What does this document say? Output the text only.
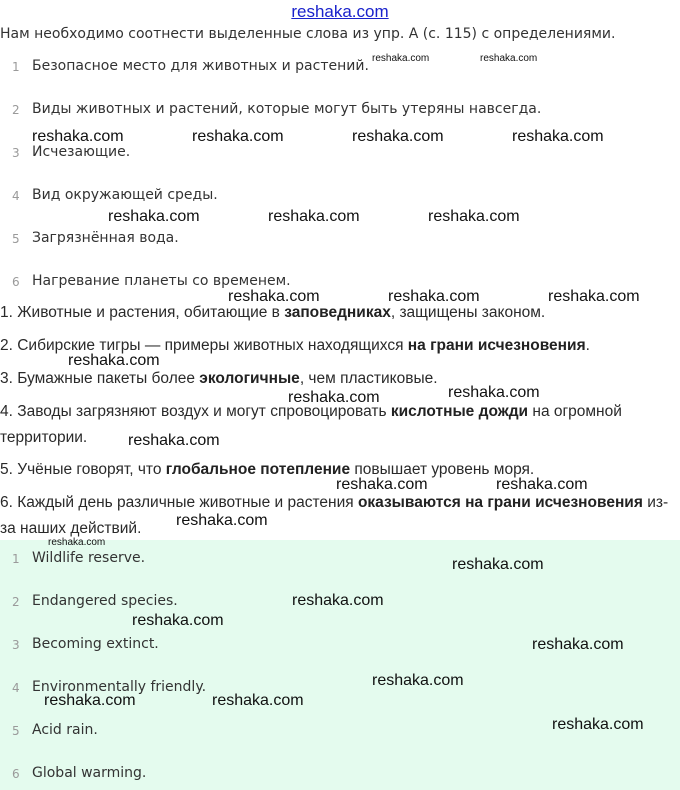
reshaka.com
Нам необходимо соотнести выделенные слова из упр. A (с. 115) с определениями.
1 Безопасное место для животных и растений.
2 Виды животных и растений, которые могут быть утеряны навсегда.
3 Исчезающие.
4 Вид окружающей среды.
5 Загрязнённая вода.
6 Нагревание планеты со временем.
1. Животные и растения, обитающие в заповедниках, защищены законом.
2. Сибирские тигры — примеры животных находящихся на грани исчезновения.
3. Бумажные пакеты более экологичные, чем пластиковые.
4. Заводы загрязняют воздух и могут спровоцировать кислотные дожди на огромной территории.
5. Учёные говорят, что глобальное потепление повышает уровень моря.
6. Каждый день различные животные и растения оказываются на грани исчезновения из-за наших действий.
1 Wildlife reserve.
2 Endangered species.
3 Becoming extinct.
4 Environmentally friendly.
5 Acid rain.
6 Global warming.
reshaka.com	reshaka.com
reshaka.com	reshaka.com	reshaka.com	reshaka.com
reshaka.com	reshaka.com	reshaka.com
reshaka.com	reshaka.com	reshaka.com
reshaka.com
reshaka.com
reshaka.com
reshaka.com
reshaka.com	reshaka.com
reshaka.com
reshaka.com
reshaka.com
reshaka.com
reshaka.com
reshaka.com
reshaka.com
reshaka.com	reshaka.com
reshaka.com
